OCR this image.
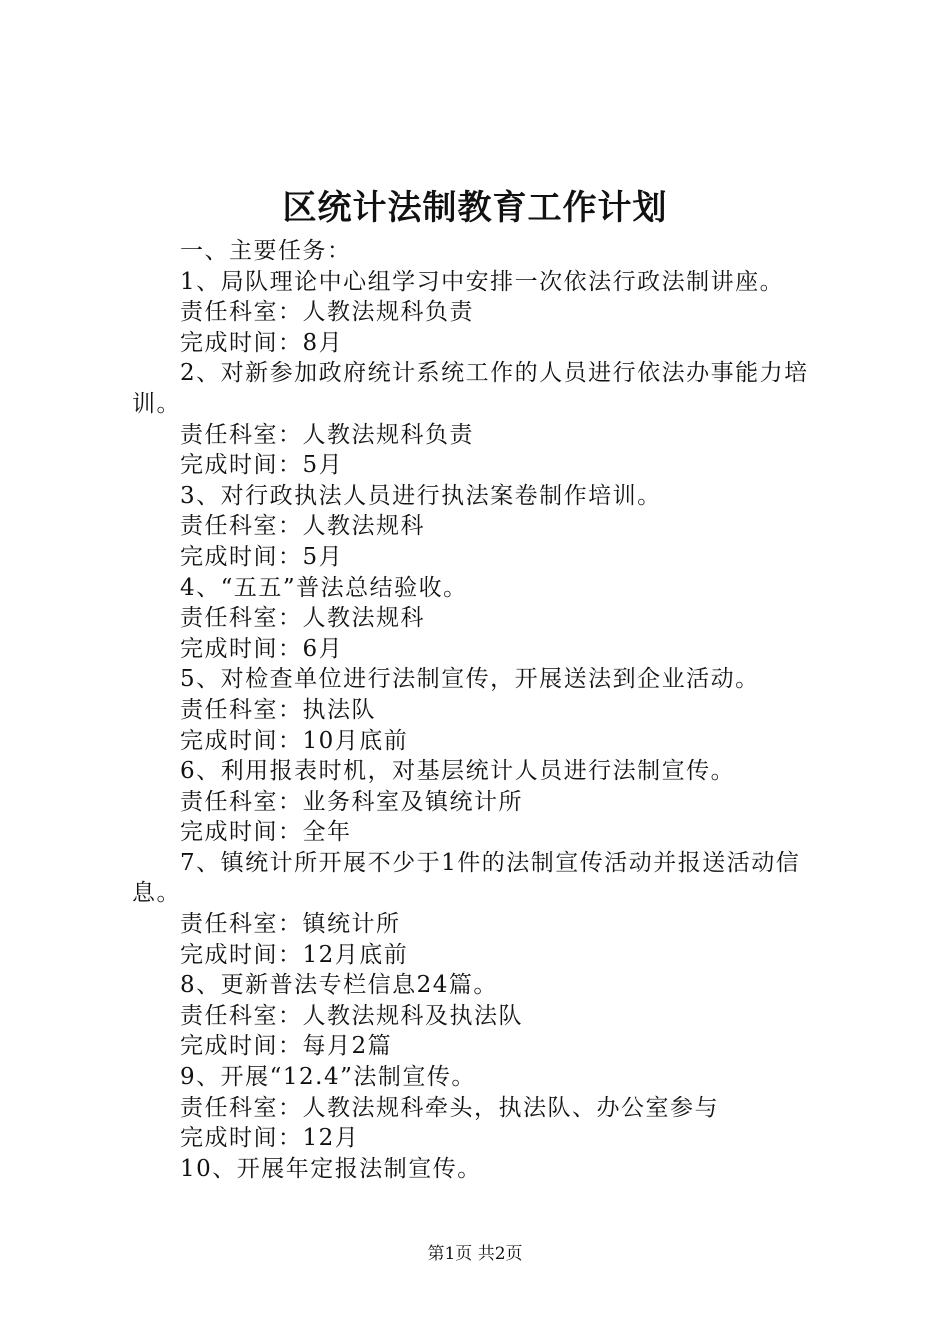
区统计法制教育工作计划

一、主要任务：

1、局队理论中心组学习中安排一次依法行政法制讲座。

责任科室：人教法规科负责

完成时间：8月

2、对新参加政府统计系统工作的人员进行依法办事能力培训。

责任科室：人教法规科负责

完成时间：5月

3、对行政执法人员进行执法案卷制作培训。

责任科室：人教法规科

完成时间：5月

4、“五五”普法总结验收。

责任科室：人教法规科

完成时间：6月

5、对检查单位进行法制宣传，开展送法到企业活动。

责任科室：执法队

完成时间：10月底前

6、利用报表时机，对基层统计人员进行法制宣传。

责任科室：业务科室及镇统计所

完成时间：全年

7、镇统计所开展不少于1件的法制宣传活动并报送活动信息。

责任科室：镇统计所

完成时间：12月底前

8、更新普法专栏信息24篇。

责任科室：人教法规科及执法队

完成时间：每月2篇

9、开展“12.4”法制宣传。

责任科室：人教法规科牵头，执法队、办公室参与

完成时间：12月

10、开展年定报法制宣传。

第1页 共2页
